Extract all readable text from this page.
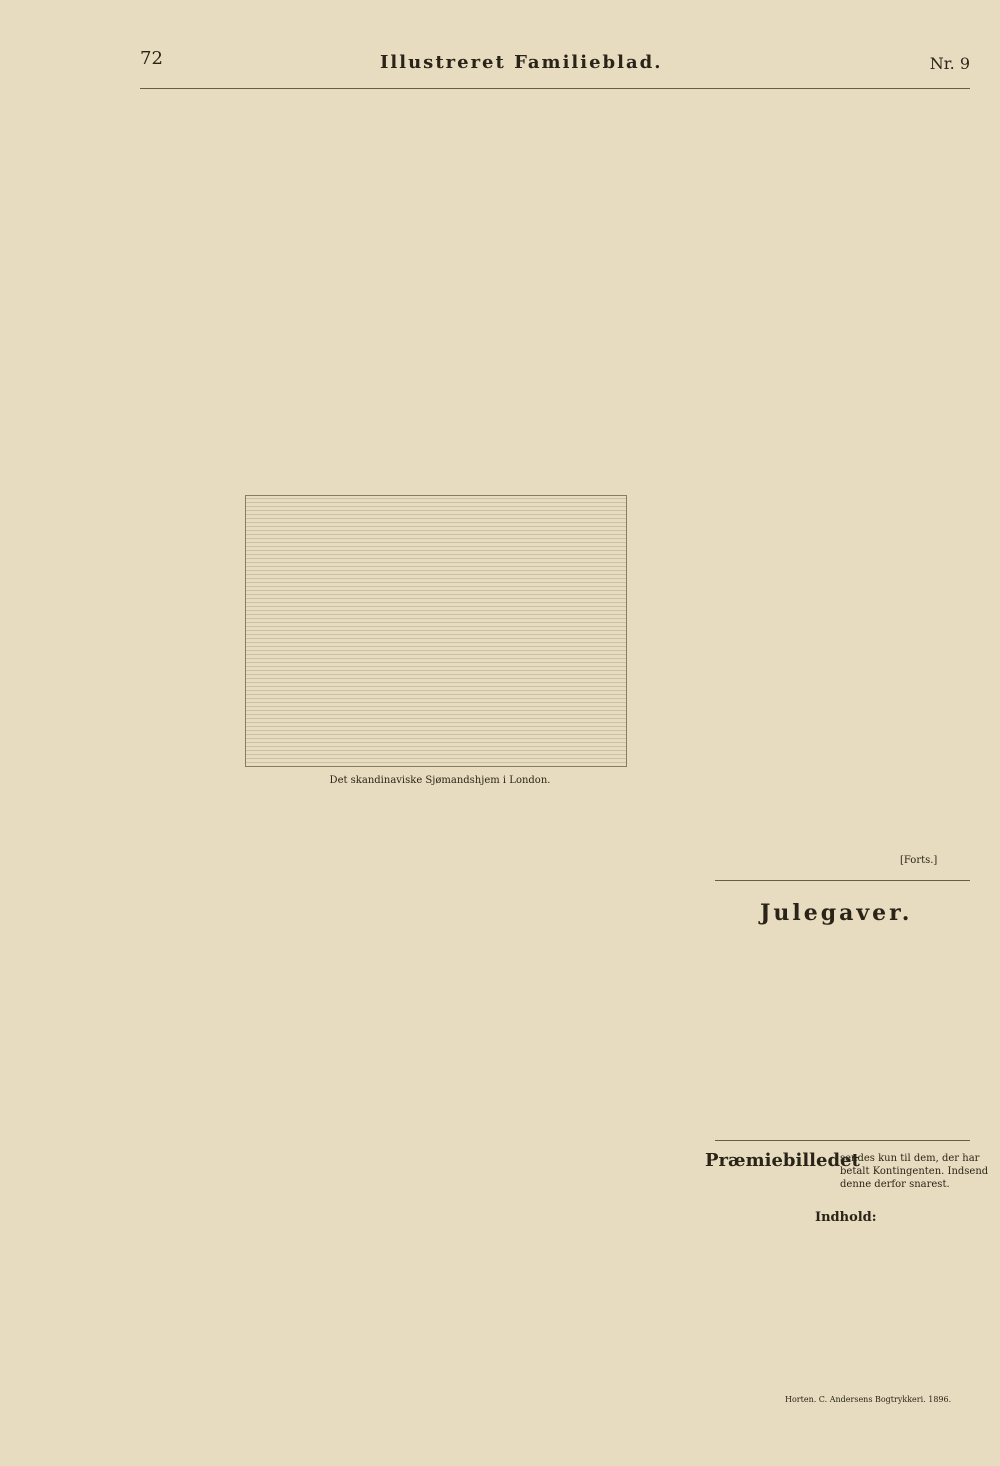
72	Illustreret Familieblad.	Nr. 9
Det skandinaviske Sjømandshjem i London.
[Forts.]
Julegaver.
Præmiebilledet
sendes kun til dem, der har betalt Kontingenten. Indsend denne derfor snarest.
Indhold:
Horten. C. Andersens Bogtrykkeri. 1896.
